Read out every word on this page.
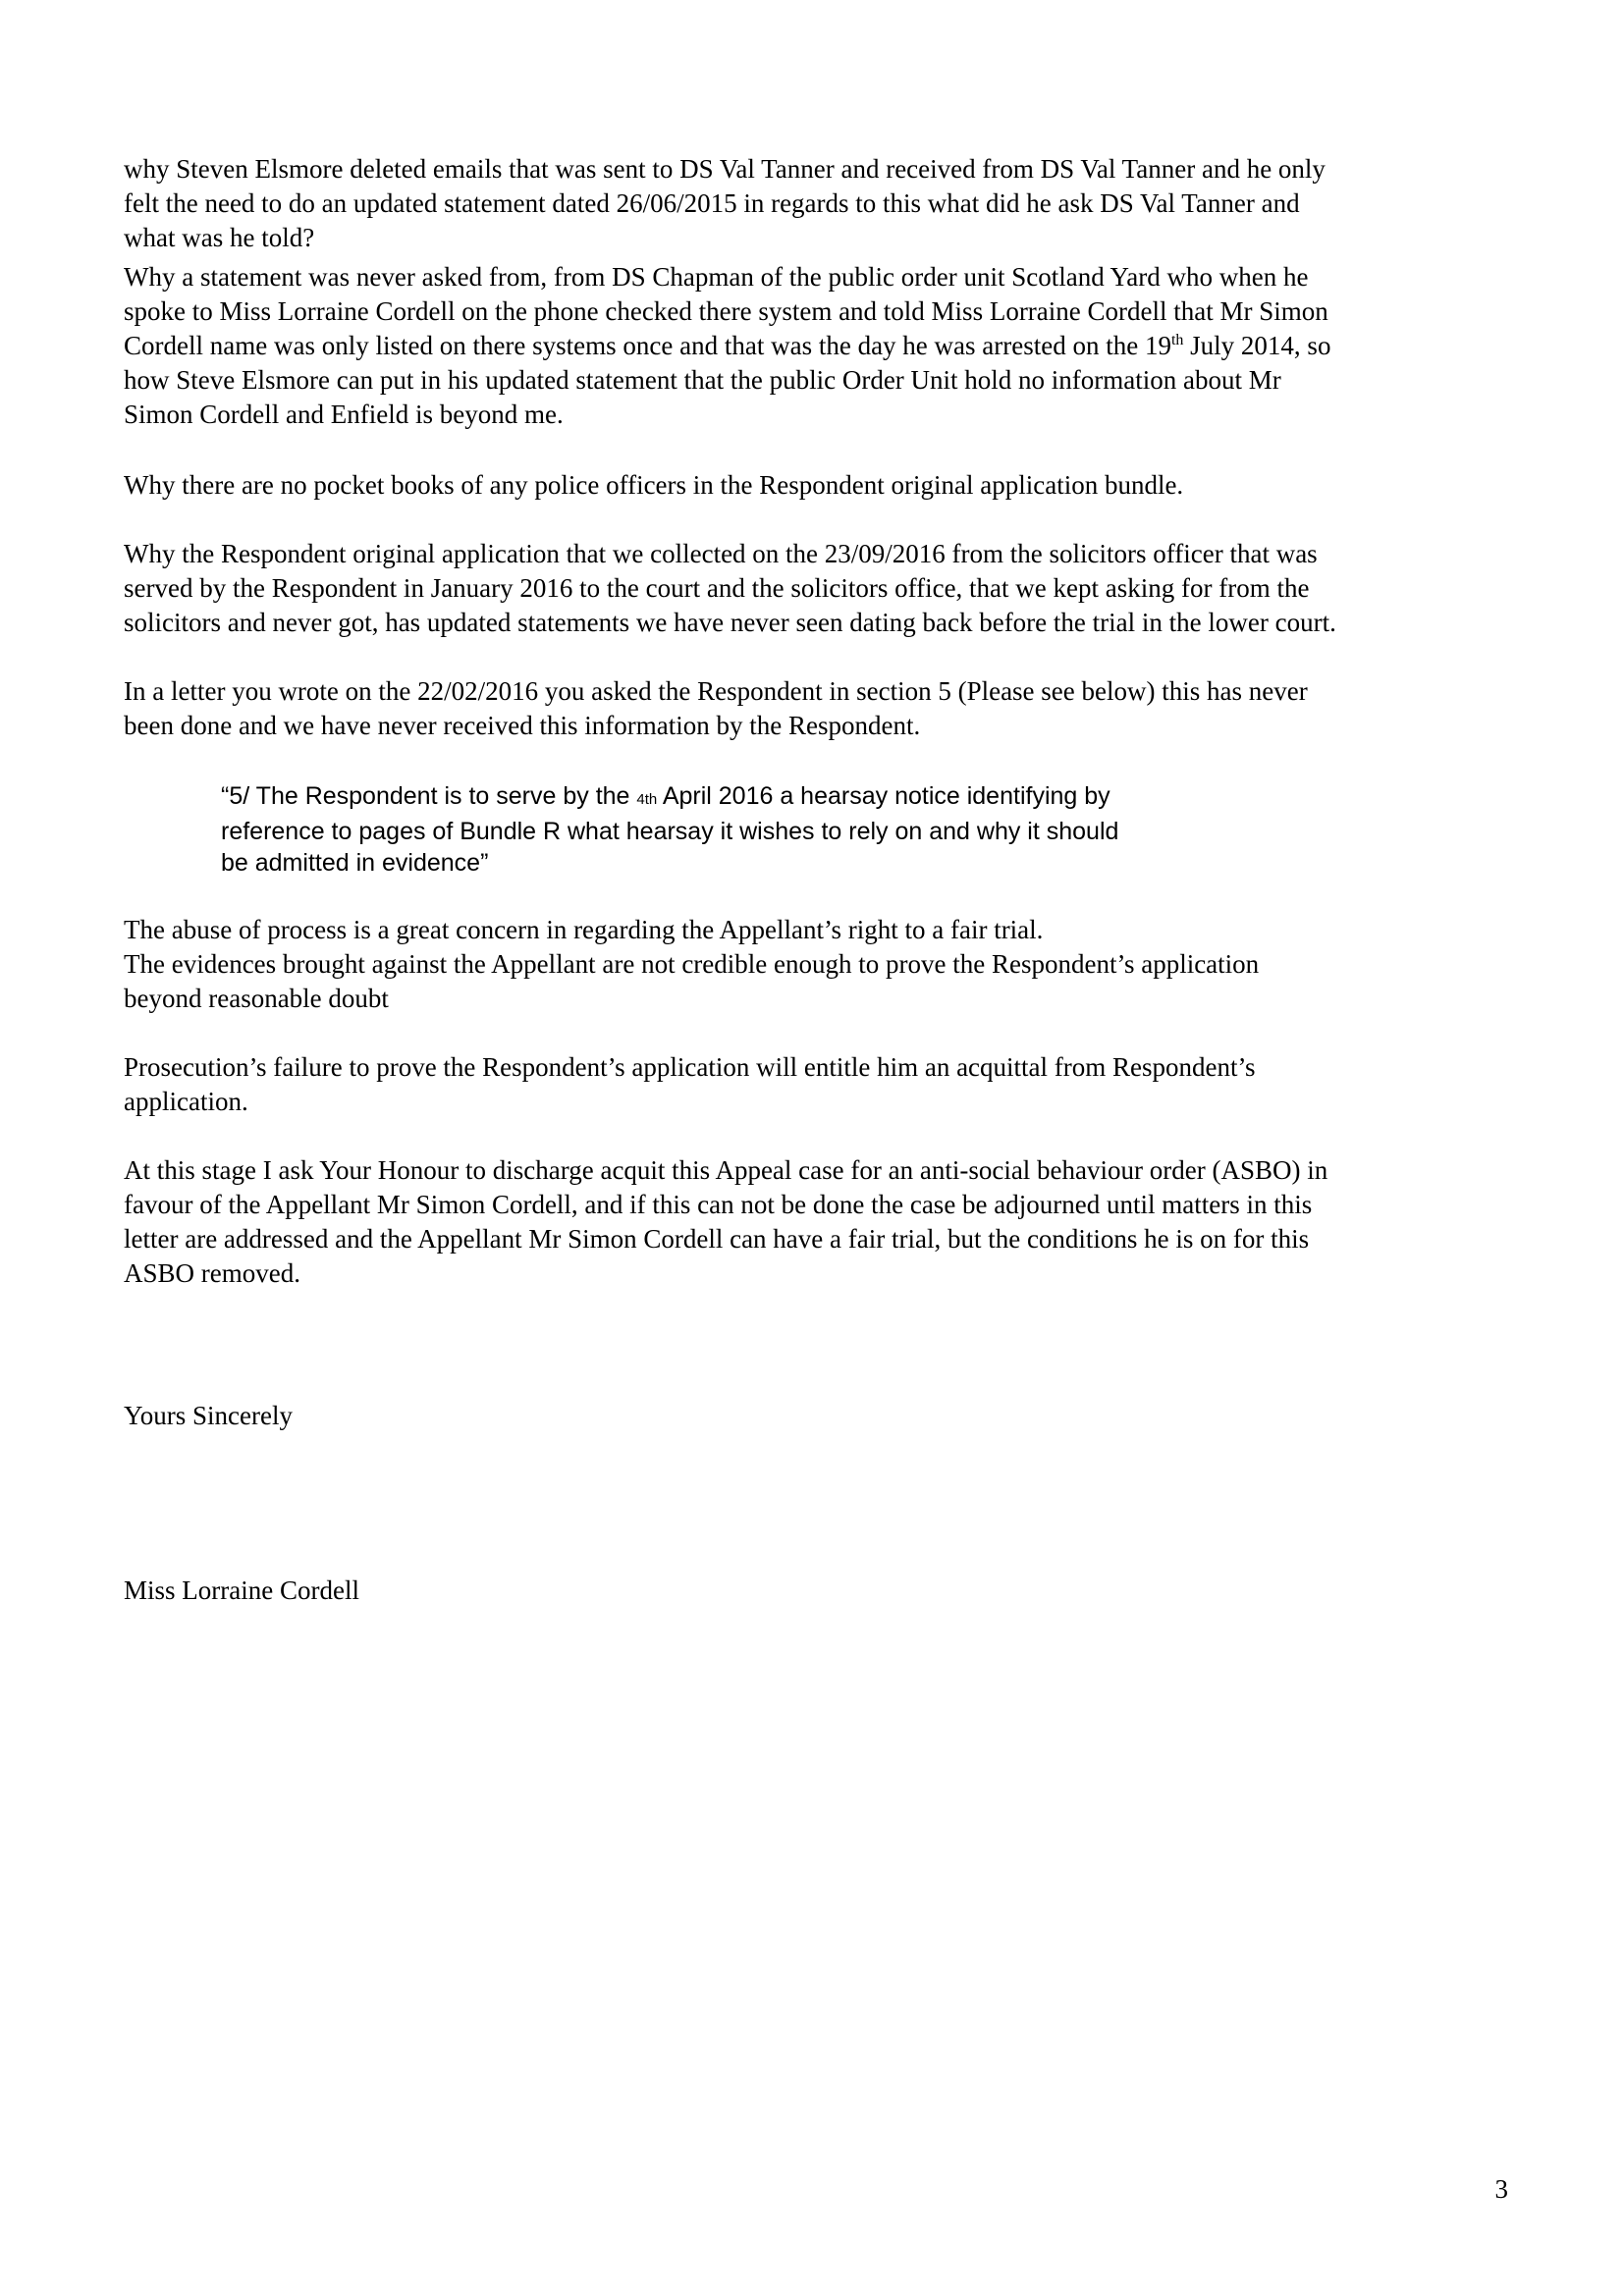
why Steven Elsmore deleted emails that was sent to DS Val Tanner and received from DS Val Tanner and he only
felt the need to do an updated statement dated 26/06/2015 in regards to this what did he ask DS Val Tanner and
what was he told?
Why a statement was never asked from, from DS Chapman of the public order unit Scotland Yard who when he
spoke to Miss Lorraine Cordell on the phone checked there system and told Miss Lorraine Cordell that Mr Simon
Cordell name was only listed on there systems once and that was the day he was arrested on the 19th July 2014, so
how Steve Elsmore can put in his updated statement that the public Order Unit hold no information about Mr
Simon Cordell and Enfield is beyond me.
Why there are no pocket books of any police officers in the Respondent original application bundle.
Why the Respondent original application that we collected on the 23/09/2016 from the solicitors officer that was
served by the Respondent in January 2016 to the court and the solicitors office, that we kept asking for from the
solicitors and never got, has updated statements we have never seen dating back before the trial in the lower court.
In a letter you wrote on the 22/02/2016 you asked the Respondent in section 5 (Please see below) this has never
been done and we have never received this information by the Respondent.
“5/ The Respondent is to serve by the 4th April 2016 a hearsay notice identifying by
reference to pages of Bundle R what hearsay it wishes to rely on and why it should
be admitted in evidence”
The abuse of process is a great concern in regarding the Appellant’s right to a fair trial.
The evidences brought against the Appellant are not credible enough to prove the Respondent’s application
beyond reasonable doubt
Prosecution’s failure to prove the Respondent’s application will entitle him an acquittal from Respondent’s
application.
At this stage I ask Your Honour to discharge acquit this Appeal case for an anti-social behaviour order (ASBO) in
favour of the Appellant Mr Simon Cordell, and if this can not be done the case be adjourned until matters in this
letter are addressed and the Appellant Mr Simon Cordell can have a fair trial, but the conditions he is on for this
ASBO removed.
Yours Sincerely
Miss Lorraine Cordell
3
